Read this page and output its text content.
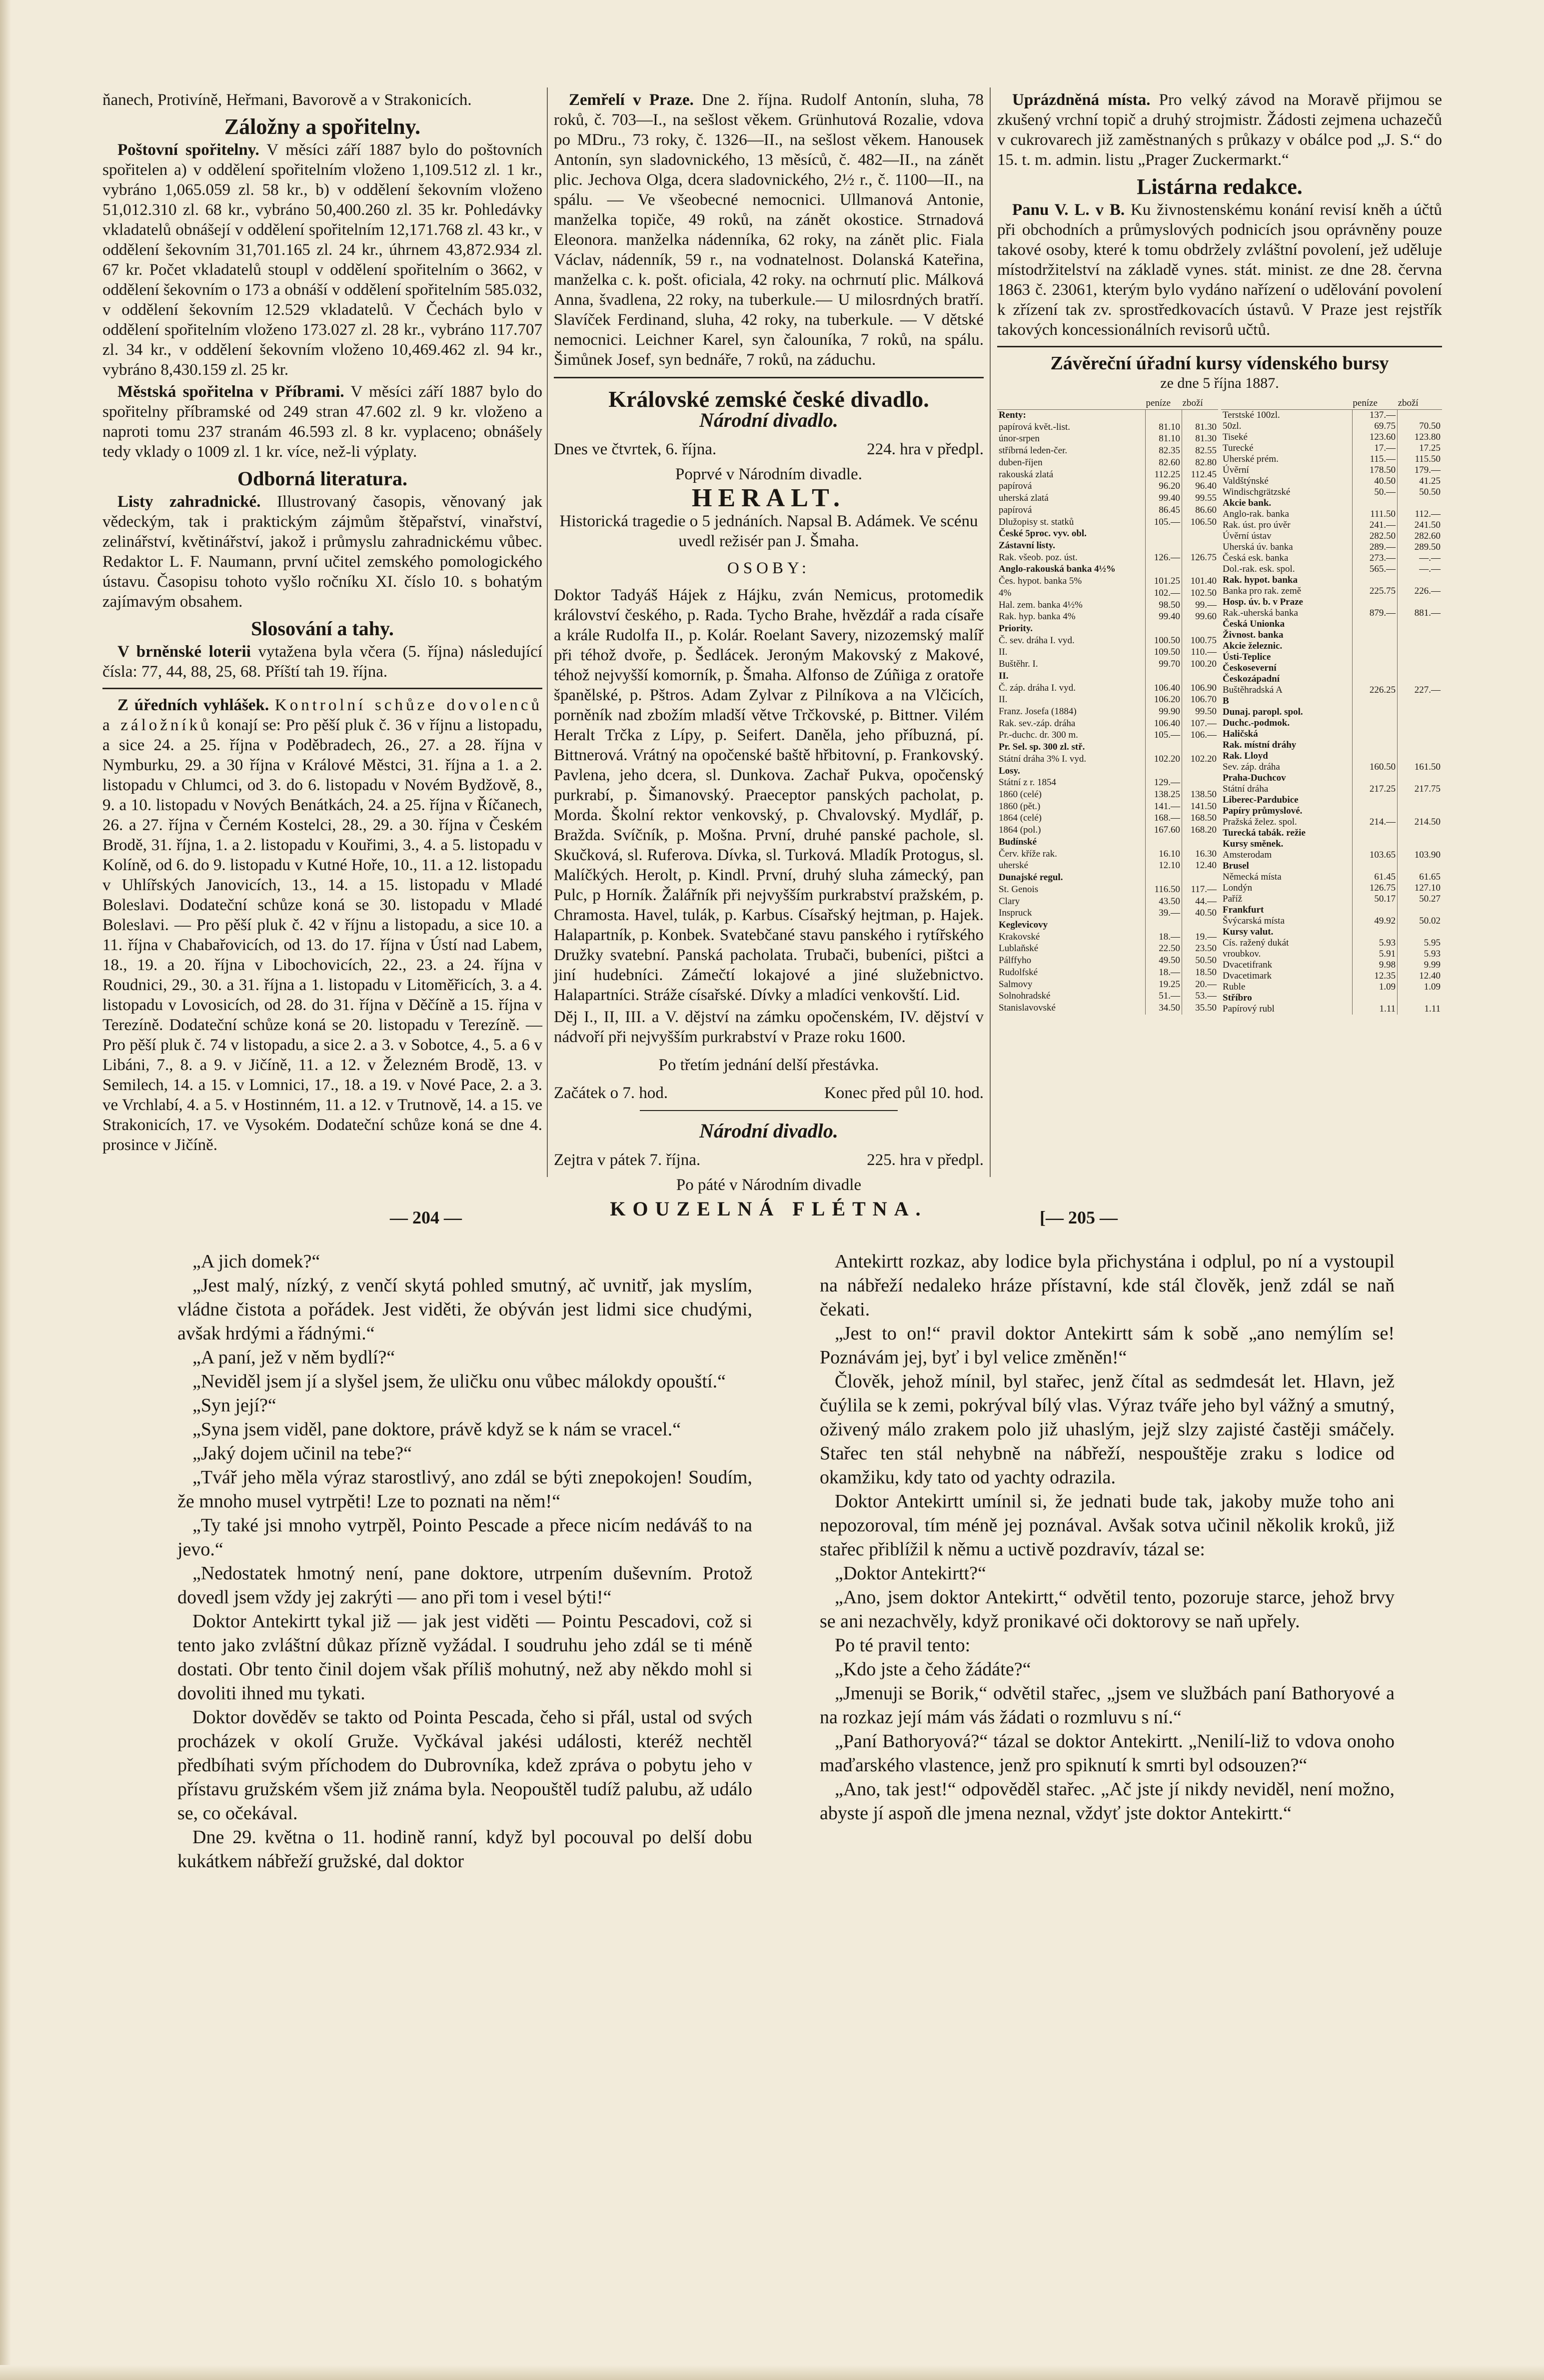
ňanech, Protivíně, Heřmani, Bavorově a v Strakonicích.

Záložny a spořitelny.

Poštovní spořitelny. V měsíci září 1887 bylo do poštovních spořitelen a) v oddělení spořitelním vloženo 1,109.512 zl. 1 kr., vybráno 1,065.059 zl. 58 kr., b) v oddělení šekovním vloženo 51,012.310 zl. 68 kr., vybráno 50,400.260 zl. 35 kr. Pohledávky vkladatelů obnášejí v oddělení spořitelním 12,171.768 zl. 43 kr., v oddělení šekovním 31,701.165 zl. 24 kr., úhrnem 43,872.934 zl. 67 kr. Počet vkladatelů stoupl v oddělení spořitelním o 3662, v oddělení šekovním o 173 a obnáší v oddělení spořitelním 585.032, v oddělení šekovním 12.529 vkladatelů. V Čechách bylo v oddělení spořitelním vloženo 173.027 zl. 28 kr., vybráno 117.707 zl. 34 kr., v oddělení šekovním vloženo 10,469.462 zl. 94 kr., vybráno 8,430.159 zl. 25 kr.

Městská spořitelna v Příbrami. V měsíci září 1887 bylo do spořitelny příbramské od 249 stran 47.602 zl. 9 kr. vloženo a naproti tomu 237 stranám 46.593 zl. 8 kr. vyplaceno; obnášely tedy vklady o 1009 zl. 1 kr. více, než-li výplaty.

Odborná literatura.

Listy zahradnické. Illustrovaný časopis, věnovaný jak vědeckým, tak i praktickým zájmům štěpařství, vinařství, zelinářství, květinářství, jakož i průmyslu zahradnickému vůbec. Redaktor L. F. Naumann, první učitel zemského pomologického ústavu. Časopisu tohoto vyšlo ročníku XI. číslo 10. s bohatým zajímavým obsahem.

Slosování a tahy.

V brněnské loterii vytažena byla včera (5. října) následující čísla: 77, 44, 88, 25, 68. Příští tah 19. října.

Z úředních vyhlášek. Kontrolní schůze dovolenců a záložníků konají se: Pro pěší pluk č. 36 v říjnu a listopadu, a sice 24. a 25. října v Poděbradech, 26., 27. a 28. října v Nymburku, 29. a 30 října v Králové Městci, 31. října a 1. a 2. listopadu v Chlumci, od 3. do 6. listopadu v Novém Bydžově, 8., 9. a 10. listopadu v Nových Benátkách, 24. a 25. října v Říčanech, 26. a 27. října v Černém Kostelci, 28., 29. a 30. října v Českém Brodě, 31. října, 1. a 2. listopadu v Kouřimi, 3., 4. a 5. listopadu v Kolíně, od 6. do 9. listopadu v Kutné Hoře, 10., 11. a 12. listopadu v Uhlířských Janovicích, 13., 14. a 15. listopadu v Mladé Boleslavi. Dodateční schůze koná se 30. listopadu v Mladé Boleslavi. — Pro pěší pluk č. 42 v říjnu a listopadu, a sice 10. a 11. října v Chabařovicích, od 13. do 17. října v Ústí nad Labem, 18., 19. a 20. října v Libochovicích, 22., 23. a 24. října v Roudnici, 29., 30. a 31. října a 1. listopadu v Litoměřicích, 3. a 4. listopadu v Lovosicích, od 28. do 31. října v Děčíně a 15. října v Terezíně. Dodateční schůze koná se 20. listopadu v Terezíně. — Pro pěší pluk č. 74 v listopadu, a sice 2. a 3. v Sobotce, 4., 5. a 6 v Libáni, 7., 8. a 9. v Jičíně, 11. a 12. v Železném Brodě, 13. v Semilech, 14. a 15. v Lomnici, 17., 18. a 19. v Nové Pace, 2. a 3. ve Vrchlabí, 4. a 5. v Hostinném, 11. a 12. v Trutnově, 14. a 15. ve Strakonicích, 17. ve Vysokém. Dodateční schůze koná se dne 4. prosince v Jičíně.

Zemřelí v Praze. Dne 2. října. Rudolf Antonín, sluha, 78 roků, č. 703—I., na sešlost věkem. Grünhutová Rozalie, vdova po MDru., 73 roky, č. 1326—II., na sešlost věkem. Hanousek Antonín, syn sladovnického, 13 měsíců, č. 482—II., na zánět plic. Jechova Olga, dcera sladovnického, 2½ r., č. 1100—II., na spálu. — Ve všeobecné nemocnici. Ullmanová Antonie, manželka topiče, 49 roků, na zánět okostice. Strnadová Eleonora. manželka nádenníka, 62 roky, na zánět plic. Fiala Václav, nádenník, 59 r., na vodnatelnost. Dolanská Kateřina, manželka c. k. pošt. oficiala, 42 roky. na ochrnutí plic. Málková Anna, švadlena, 22 roky, na tuberkule.— U milosrdných bratří. Slavíček Ferdinand, sluha, 42 roky, na tuberkule. — V dětské nemocnici. Leichner Karel, syn čalouníka, 7 roků, na spálu. Šimůnek Josef, syn bednáře, 7 roků, na záduchu.

Královské zemské české divadlo.
Národní divadlo.
Dnes ve čtvrtek, 6. října.	224. hra v předpl.
Poprvé v Národním divadle.
HERALT.
Historická tragedie o 5 jednáních. Napsal B. Adámek. Ve scénu uvedl režisér pan J. Šmaha.
OSOBY:

Doktor Tadyáš Hájek z Hájku, zván Nemicus, protomedik království českého, p. Rada. Tycho Brahe, hvězdář a rada císaře a krále Rudolfa II., p. Kolár. Roelant Savery, nizozemský malíř při téhož dvoře, p. Šedlácek. Jeroným Makovský z Makové, téhož nejvyšší komorník, p. Šmaha. Alfonso de Zúñiga z oratoře španělské, p. Pštros. Adam Zylvar z Pilníkova a na Vlčicích, porněník nad zbožím mladší větve Trčkovské, p. Bittner. Vilém Heralt Trčka z Lípy, p. Seifert. Daněla, jeho příbuzná, pí. Bittnerová. Vrátný na opočenské baště hřbitovní, p. Frankovský. Pavlena, jeho dcera, sl. Dunkova. Zachař Pukva, opočenský purkrabí, p. Šimanovský. Praeceptor panských pacholat, p. Morda. Školní rektor venkovský, p. Chvalovský. Mydlář, p. Bražda. Svíčník, p. Mošna. První, druhé panské pachole, sl. Skučková, sl. Ruferova. Dívka, sl. Turková. Mladík Protogus, sl. Malíčkých. Herolt, p. Kindl. První, druhý sluha zámecký, pan Pulc, p Horník. Žalářník při nejvyšším purkrabství pražském, p. Chramosta. Havel, tulák, p. Karbus. Císařský hejtman, p. Hajek. Halapartník, p. Konbek. Svatebčané stavu panského i rytířského Družky svatební. Panská pacholata. Trubači, bubeníci, pištci a jiní hudebníci. Zámečtí lokajové a jiné služebnictvo. Halapartníci. Stráže císařské. Dívky a mladíci venkovští. Lid.

Děj I., II, III. a V. dějství na zámku opočenském, IV. dějství v nádvoří při nejvyšším purkrabství v Praze roku 1600.

Po třetím jednání delší přestávka.
Začátek o 7. hod.	Konec před půl 10. hod.
Národní divadlo.
Zejtra v pátek 7. října.	225. hra v předpl.
Po páté v Národním divadle
KOUZELNÁ FLÉTNA.

Uprázdněná místa. Pro velký závod na Moravě přijmou se zkušený vrchní topič a druhý strojmistr. Žádosti zejmena uchazečů v cukrovarech již zaměstnaných s průkazy v obálce pod „J. S.“ do 15. t. m. admin. listu „Prager Zuckermarkt.“

Listárna redakce.

Panu V. L. v B. Ku živnostenskému konání revisí kněh a účtů při obchodních a průmyslových podnicích jsou oprávněny pouze takové osoby, které k tomu obdržely zvláštní povolení, jež uděluje místodržitelství na základě vynes. stát. minist. ze dne 28. června 1863 č. 23061, kterým bylo vydáno nařízení o udělování povolení k zřízení tak zv. sprostředkovacích ústavů. V Praze jest rejstřík takových koncessionálních revisorů učtů.

Závěreční úřadní kursy vídenského bursy
ze dne 5 října 1887.
	peníze	zboží
Renty:		
papírová květ.-list.	81.10	81.30
únor-srpen	81.10	81.30
stříbrná leden-čer.	82.35	82.55
duben-říjen	82.60	82.80
rakouská zlatá	112.25	112.45
papírová	96.20	96.40
uherská zlatá	99.40	99.55
papírová	86.45	86.60
Dlužopisy st. statků	105.—	106.50
České 5proc. vyv. obl.		
Zástavní listy.		
Rak. všeob. poz. úst.	126.—	126.75
Anglo-rakouská banka 4½%		
Čes. hypot. banka 5%	101.25	101.40
4%	102.—	102.50
Hal. zem. banka 4½%	98.50	99.—
Rak. hyp. banka 4%	99.40	99.60
Priority.		
Č. sev. dráha I. vyd.	100.50	100.75
II.	109.50	110.—
Buštěhr. I.	99.70	100.20
II.		
Č. záp. dráha I. vyd.	106.40	106.90
II.	106.20	106.70
Franz. Josefa (1884)	99.90	99.50
Rak. sev.-záp. dráha	106.40	107.—
Pr.-duchc. dr. 300 m.	105.—	106.—
Pr. Sel. sp. 300 zl. stř.		
Státní dráha 3% I. vyd.	102.20	102.20
Losy.		
Státní z r. 1854	129.—	
1860 (celé)	138.25	138.50
1860 (pět.)	141.—	141.50
1864 (celé)	168.—	168.50
1864 (pol.)	167.60	168.20
Budínské		
Červ. kříže rak.	16.10	16.30
uherské	12.10	12.40
Dunajské regul.		
St. Genois	116.50	117.—
Clary	43.50	44.—
Inspruck	39.—	40.50
Keglevicovy		
Krakovské	18.—	19.—
Lublaňské	22.50	23.50
Pálffyho	49.50	50.50
Rudolfské	18.—	18.50
Salmovy	19.25	20.—
Solnohradské	51.—	53.—
Stanislavovské	34.50	35.50
	peníze	zboží
Terstské 100zl.	137.—	
50zl.	69.75	70.50
Tiseké	123.60	123.80
Turecké	17.—	17.25
Uherské prém.	115.—	115.50
Úvěrní	178.50	179.—
Valdštýnské	40.50	41.25
Windischgrätzské	50.—	50.50
Akcie bank.		
Anglo-rak. banka	111.50	112.—
Rak. úst. pro úvěr	241.—	241.50
Úvěrní ústav	282.50	282.60
Uherská úv. banka	289.—	289.50
Česká esk. banka	273.—	—.—
Dol.-rak. esk. spol.	565.—	—.—
Rak. hypot. banka		
Banka pro rak. země	225.75	226.—
Hosp. úv. b. v Praze		
Rak.-uherská banka	879.—	881.—
Česká Unionka		
Živnost. banka		
Akcie železnic.		
Ústi-Teplice		
Českoseverní		
Českozápadní		
Buštěhradská A	226.25	227.—
B		
Dunaj. paropl. spol.		
Duchc.-podmok.		
Haličská		
Rak. místní dráhy		
Rak. Lloyd		
Sev. záp. dráha	160.50	161.50
Praha-Duchcov		
Státní dráha	217.25	217.75
Liberec-Pardubice		
Papíry průmyslové.		
Pražská želez. spol.	214.—	214.50
Turecká tabák. režie		
Kursy směnek.		
Amsterodam	103.65	103.90
Brusel		
Německá místa	61.45	61.65
Londýn	126.75	127.10
Paříž	50.17	50.27
Frankfurt		
Švýcarská místa	49.92	50.02
Kursy valut.		
Cís. ražený dukát	5.93	5.95
vroubkov.	5.91	5.93
Dvacetifrank	9.98	9.99
Dvacetimark	12.35	12.40
Ruble	1.09	1.09
Stříbro		
Papírový rubl	1.11	1.11
— 204 —	[— 205 —

„A jich domek?“

„Jest malý, nízký, z venčí skytá pohled smutný, ač uvnitř, jak myslím, vládne čistota a pořádek. Jest viděti, že obýván jest lidmi sice chudými, avšak hrdými a řádnými.“

„A paní, jež v něm bydlí?“

„Neviděl jsem jí a slyšel jsem, že uličku onu vůbec málokdy opouští.“

„Syn její?“

„Syna jsem viděl, pane doktore, právě když se k nám se vracel.“

„Jaký dojem učinil na tebe?“

„Tvář jeho měla výraz starostlivý, ano zdál se býti znepokojen! Soudím, že mnoho musel vytrpěti! Lze to poznati na něm!“

„Ty také jsi mnoho vytrpěl, Pointo Pescade a přece nicím nedáváš to na jevo.“

„Nedostatek hmotný není, pane doktore, utrpením duševním. Protož dovedl jsem vždy jej zakrýti — ano při tom i vesel býti!“

Doktor Antekirtt tykal již — jak jest viděti — Pointu Pescadovi, což si tento jako zvláštní důkaz přízně vyžádal. I soudruhu jeho zdál se ti méně dostati. Obr tento činil dojem však příliš mohutný, než aby někdo mohl si dovoliti ihned mu tykati.

Doktor dověděv se takto od Pointa Pescada, čeho si přál, ustal od svých procházek v okolí Gruže. Vyčkával jakési události, kteréž nechtěl předbíhati svým příchodem do Dubrovníka, kdež zpráva o pobytu jeho v přístavu gružském všem již známa byla. Neopouštěl tudíž palubu, až událo se, co očekával.

Dne 29. května o 11. hodině ranní, když byl pocouval po delší dobu kukátkem nábřeží gružské, dal doktor

Antekirtt rozkaz, aby lodice byla přichystána i odplul, po ní a vystoupil na nábřeží nedaleko hráze přístavní, kde stál člověk, jenž zdál se naň čekati.

„Jest to on!“ pravil doktor Antekirtt sám k sobě „ano nemýlím se! Poznávám jej, byť i byl velice změněn!“

Člověk, jehož mínil, byl stařec, jenž čítal as sedmdesát let. Hlavn, jež čuýlila se k zemi, pokrýval bílý vlas. Výraz tváře jeho byl vážný a smutný, oživený málo zrakem polo již uhaslým, jejž slzy zajisté častěji smáčely. Stařec ten stál nehybně na nábřeží, nespouštěje zraku s lodice od okamžiku, kdy tato od yachty odrazila.

Doktor Antekirtt umínil si, že jednati bude tak, jakoby muže toho ani nepozoroval, tím méně jej poznával. Avšak sotva učinil několik kroků, již stařec přiblížil k němu a uctivě pozdravív, tázal se:

„Doktor Antekirtt?“

„Ano, jsem doktor Antekirtt,“ odvětil tento, pozoruje starce, jehož brvy se ani nezachvěly, když pronikavé oči doktorovy se naň upřely.

Po té pravil tento:

„Kdo jste a čeho žádáte?“

„Jmenuji se Borik,“ odvětil stařec, „jsem ve službách paní Bathoryové a na rozkaz její mám vás žádati o rozmluvu s ní.“

„Paní Bathoryová?“ tázal se doktor Antekirtt. „Nenilí-liž to vdova onoho maďarského vlastence, jenž pro spiknutí k smrti byl odsouzen?“

„Ano, tak jest!“ odpověděl stařec. „Ač jste jí nikdy neviděl, není možno, abyste jí aspoň dle jmena neznal, vždyť jste doktor Antekirtt.“
